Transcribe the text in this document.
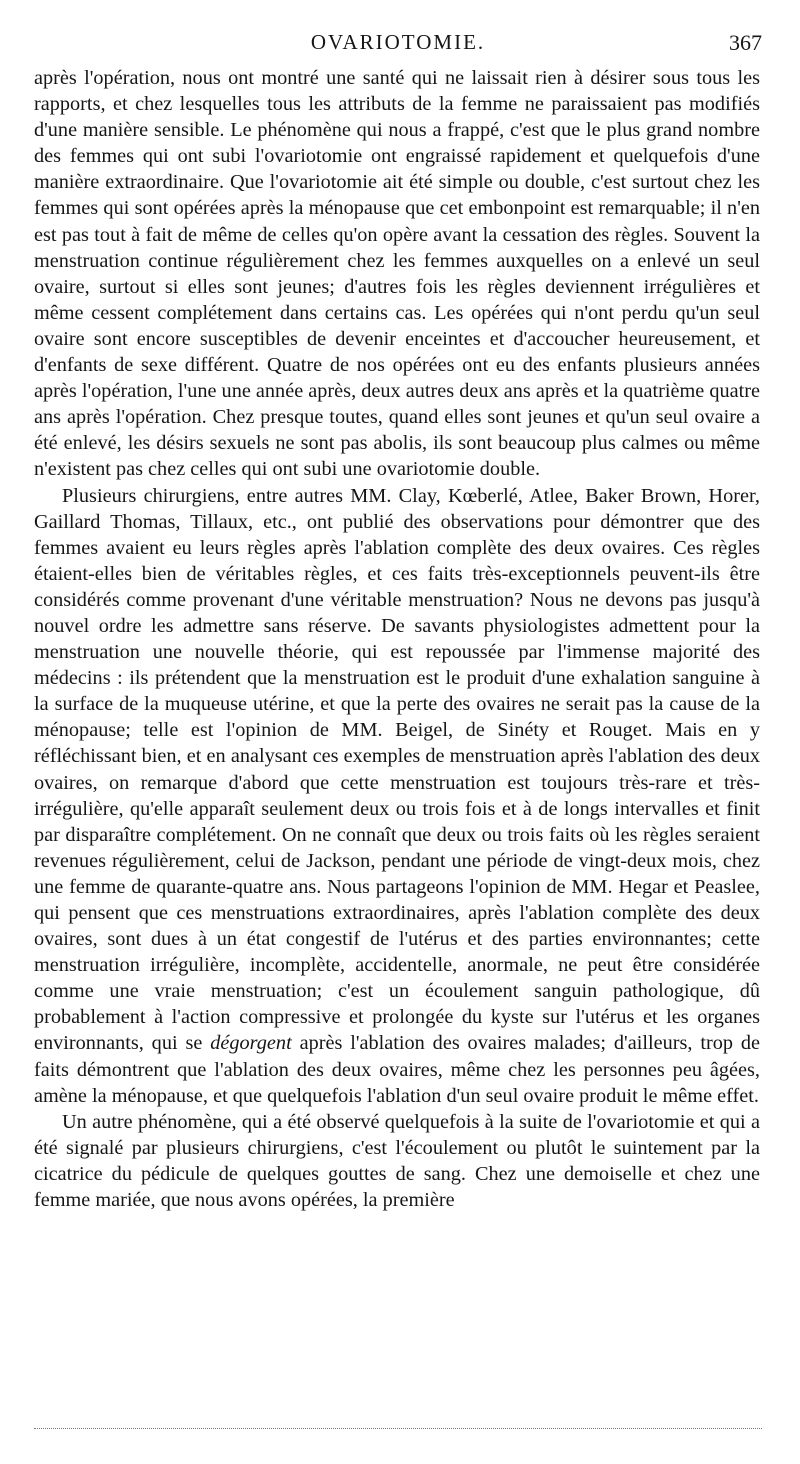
OVARIOTOMIE.	367

après l'opération, nous ont montré une santé qui ne laissait rien à désirer sous tous les rapports, et chez lesquelles tous les attributs de la femme ne paraissaient pas modifiés d'une manière sensible. Le phénomène qui nous a frappé, c'est que le plus grand nombre des femmes qui ont subi l'ovariotomie ont engraissé rapidement et quelquefois d'une manière extraordinaire. Que l'ovariotomie ait été simple ou double, c'est surtout chez les femmes qui sont opérées après la ménopause que cet embonpoint est remarquable; il n'en est pas tout à fait de même de celles qu'on opère avant la cessation des règles. Souvent la menstruation continue régulièrement chez les femmes auxquelles on a enlevé un seul ovaire, surtout si elles sont jeunes; d'autres fois les règles deviennent irrégulières et même cessent complétement dans certains cas. Les opérées qui n'ont perdu qu'un seul ovaire sont encore susceptibles de devenir enceintes et d'accoucher heureusement, et d'enfants de sexe différent. Quatre de nos opérées ont eu des enfants plusieurs années après l'opération, l'une une année après, deux autres deux ans après et la quatrième quatre ans après l'opération. Chez presque toutes, quand elles sont jeunes et qu'un seul ovaire a été enlevé, les désirs sexuels ne sont pas abolis, ils sont beaucoup plus calmes ou même n'existent pas chez celles qui ont subi une ovariotomie double.

Plusieurs chirurgiens, entre autres MM. Clay, Kœberlé, Atlee, Baker Brown, Horer, Gaillard Thomas, Tillaux, etc., ont publié des observations pour démontrer que des femmes avaient eu leurs règles après l'ablation complète des deux ovaires. Ces règles étaient-elles bien de véritables règles, et ces faits très-exceptionnels peuvent-ils être considérés comme provenant d'une véritable menstruation? Nous ne devons pas jusqu'à nouvel ordre les admettre sans réserve. De savants physiologistes admettent pour la menstruation une nouvelle théorie, qui est repoussée par l'immense majorité des médecins : ils prétendent que la menstruation est le produit d'une exhalation sanguine à la surface de la muqueuse utérine, et que la perte des ovaires ne serait pas la cause de la ménopause; telle est l'opinion de MM. Beigel, de Sinéty et Rouget. Mais en y réfléchissant bien, et en analysant ces exemples de menstruation après l'ablation des deux ovaires, on remarque d'abord que cette menstruation est toujours très-rare et très-irrégulière, qu'elle apparaît seulement deux ou trois fois et à de longs intervalles et finit par disparaître complétement. On ne connaît que deux ou trois faits où les règles seraient revenues régulièrement, celui de Jackson, pendant une période de vingt-deux mois, chez une femme de quarante-quatre ans. Nous partageons l'opinion de MM. Hegar et Peaslee, qui pensent que ces menstruations extraordinaires, après l'ablation complète des deux ovaires, sont dues à un état congestif de l'utérus et des parties environnantes; cette menstruation irrégulière, incomplète, accidentelle, anormale, ne peut être considérée comme une vraie menstruation; c'est un écoulement sanguin pathologique, dû probablement à l'action compressive et prolongée du kyste sur l'utérus et les organes environnants, qui se dégorgent après l'ablation des ovaires malades; d'ailleurs, trop de faits démontrent que l'ablation des deux ovaires, même chez les personnes peu âgées, amène la ménopause, et que quelquefois l'ablation d'un seul ovaire produit le même effet.

Un autre phénomène, qui a été observé quelquefois à la suite de l'ovariotomie et qui a été signalé par plusieurs chirurgiens, c'est l'écoulement ou plutôt le suintement par la cicatrice du pédicule de quelques gouttes de sang. Chez une demoiselle et chez une femme mariée, que nous avons opérées, la première
